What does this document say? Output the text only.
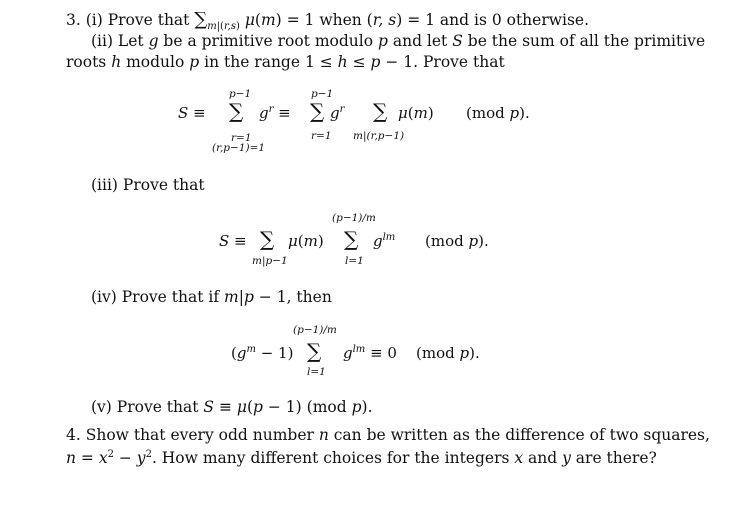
3. (i) Prove that $\sum_{m|(r,s)}$ μ(m) = 1 when (r, s) = 1 and is 0 otherwise.
(ii) Let g be a primitive root modulo p and let S be the sum of all the primitive
roots h modulo p in the range 1 ≤ h ≤ p − 1. Prove that
S ≡
p−1
∑
r=1
(r,p−1)=1
$g^r$ ≡
p−1
∑
r=1
$g^r$ ∑
m|(r,p−1)
μ(m) (mod p).
(iii) Prove that
S ≡ ∑
m|p−1
μ(m)
(p−1)/m
∑
l=1
$g^{lm}$ (mod p).
(iv) Prove that if m|p − 1, then
$(g^m - 1)$
(p−1)/m
∑
l=1
$g^{lm} \equiv 0$ (mod p).
(v) Prove that S ≡ μ(p − 1) (mod p).
4. Show that every odd number n can be written as the difference of two squares,
$n = x^2 - y^2$. How many different choices for the integers x and y are there?
